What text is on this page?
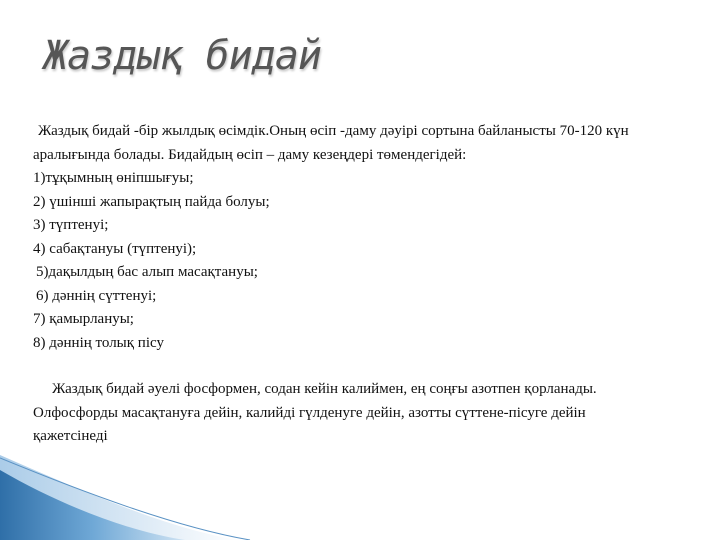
Жаздық бидай

Жаздық бидай -бір жылдық өсімдік.Оның өсіп -даму дәуірі сортына байланысты 70-120 күн

аралығында болады. Бидайдың өсіп – даму кезеңдері төмендегідей:

1)тұқымның өніпшығуы;

2) үшінші жапырақтың пайда болуы;

3) түптенуі;

4) сабақтануы (түптенуі);

5)дақылдың бас алып масақтануы;

6) дәннің сүттенуі;

7) қамырлануы;

8) дәннің толық пісу

Жаздық бидай әуелі фосформен, содан кейін калиймен, ең соңғы азотпен қорланады.

Олфосфорды масақтануға дейін, калийді гүлденуге дейін, азотты сүттене-пісуге дейін

қажетсінеді
